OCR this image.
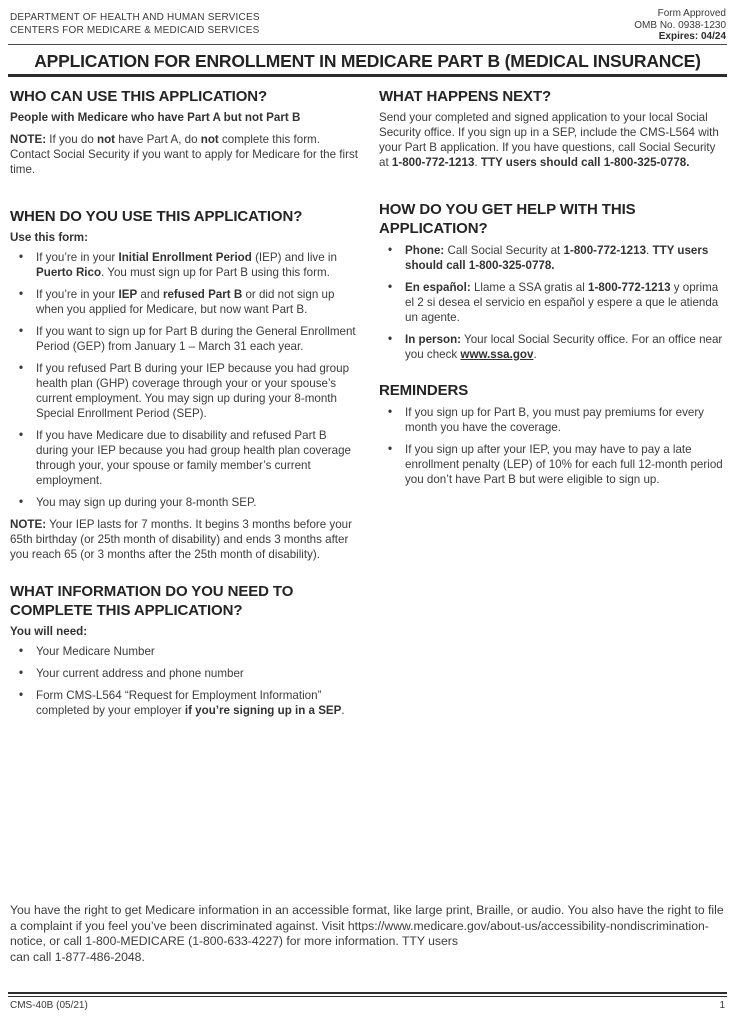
DEPARTMENT OF HEALTH AND HUMAN SERVICES
CENTERS FOR MEDICARE & MEDICAID SERVICES
Form Approved
OMB No. 0938-1230
Expires: 04/24
APPLICATION FOR ENROLLMENT IN MEDICARE PART B (MEDICAL INSURANCE)
WHO CAN USE THIS APPLICATION?

People with Medicare who have Part A but not Part B

NOTE: If you do not have Part A, do not complete this form. Contact Social Security if you want to apply for Medicare for the first time.

WHEN DO YOU USE THIS APPLICATION?

Use this form:

• If you’re in your Initial Enrollment Period (IEP) and live in Puerto Rico. You must sign up for Part B using this form.
• If you’re in your IEP and refused Part B or did not sign up when you applied for Medicare, but now want Part B.
• If you want to sign up for Part B during the General Enrollment Period (GEP) from January 1 – March 31 each year.
• If you refused Part B during your IEP because you had group health plan (GHP) coverage through your or your spouse’s current employment. You may sign up during your 8-month Special Enrollment Period (SEP).
• If you have Medicare due to disability and refused Part B during your IEP because you had group health plan coverage through your, your spouse or family member’s current employment.
• You may sign up during your 8-month SEP.

NOTE: Your IEP lasts for 7 months. It begins 3 months before your 65th birthday (or 25th month of disability) and ends 3 months after you reach 65 (or 3 months after the 25th month of disability).

WHAT INFORMATION DO YOU NEED TO COMPLETE THIS APPLICATION?

You will need:

• Your Medicare Number
• Your current address and phone number
• Form CMS-L564 “Request for Employment Information” completed by your employer if you’re signing up in a SEP.
WHAT HAPPENS NEXT?

Send your completed and signed application to your local Social Security office. If you sign up in a SEP, include the CMS-L564 with your Part B application. If you have questions, call Social Security at 1-800-772-1213. TTY users should call 1-800-325-0778.

HOW DO YOU GET HELP WITH THIS APPLICATION?
• Phone: Call Social Security at 1-800-772-1213. TTY users should call 1-800-325-0778.
• En español: Llame a SSA gratis al 1-800-772-1213 y oprima el 2 si desea el servicio en español y espere a que le atienda un agente.
• In person: Your local Social Security office. For an office near you check www.ssa.gov.
REMINDERS
• If you sign up for Part B, you must pay premiums for every month you have the coverage.
• If you sign up after your IEP, you may have to pay a late enrollment penalty (LEP) of 10% for each full 12-month period you don’t have Part B but were eligible to sign up.
You have the right to get Medicare information in an accessible format, like large print, Braille, or audio. You also have the right to file a complaint if you feel you’ve been discriminated against. Visit https://www.medicare.gov/about-us/accessibility-nondiscrimination-notice, or call 1-800-MEDICARE (1-800-633-4227) for more information. TTY users
can call 1-877-486-2048.
CMS-40B (05/21)	1
